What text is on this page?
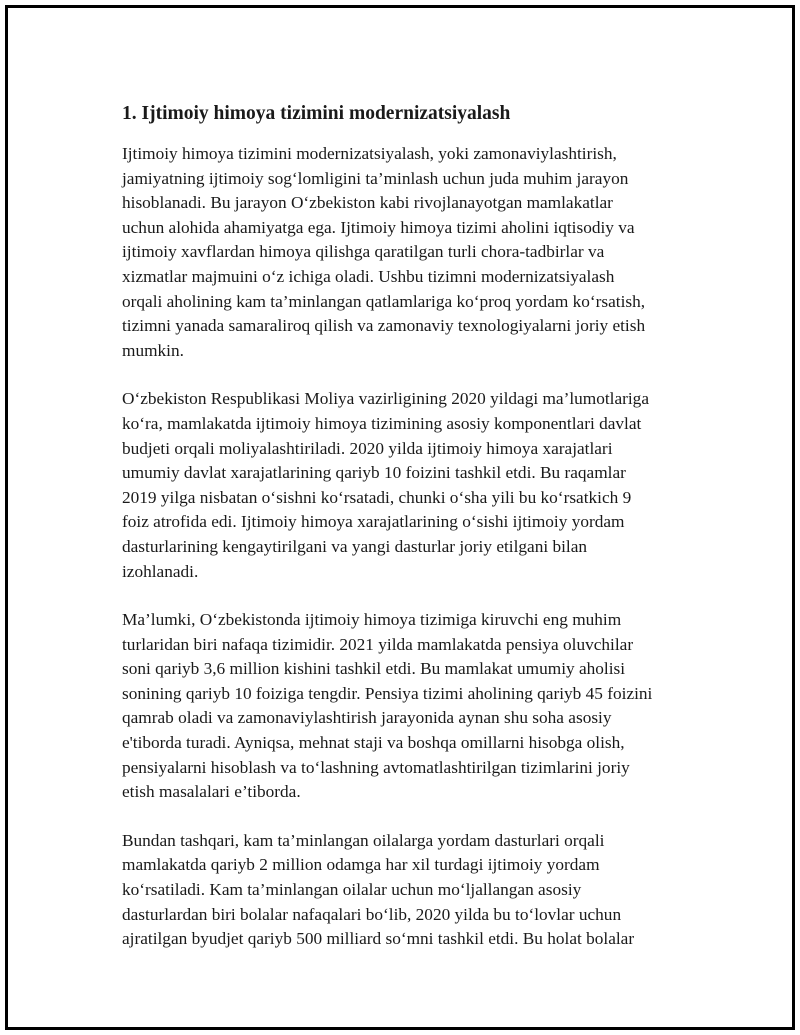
1. Ijtimoiy himoya tizimini modernizatsiyalash

Ijtimoiy himoya tizimini modernizatsiyalash, yoki zamonaviylashtirish,
jamiyatning ijtimoiy sog‘lomligini ta’minlash uchun juda muhim jarayon
hisoblanadi. Bu jarayon O‘zbekiston kabi rivojlanayotgan mamlakatlar
uchun alohida ahamiyatga ega. Ijtimoiy himoya tizimi aholini iqtisodiy va
ijtimoiy xavflardan himoya qilishga qaratilgan turli chora-tadbirlar va
xizmatlar majmuini o‘z ichiga oladi. Ushbu tizimni modernizatsiyalash
orqali aholining kam ta’minlangan qatlamlariga ko‘proq yordam ko‘rsatish,
tizimni yanada samaraliroq qilish va zamonaviy texnologiyalarni joriy etish
mumkin.

O‘zbekiston Respublikasi Moliya vazirligining 2020 yildagi ma’lumotlariga
ko‘ra, mamlakatda ijtimoiy himoya tizimining asosiy komponentlari davlat
budjeti orqali moliyalashtiriladi. 2020 yilda ijtimoiy himoya xarajatlari
umumiy davlat xarajatlarining qariyb 10 foizini tashkil etdi. Bu raqamlar
2019 yilga nisbatan o‘sishni ko‘rsatadi, chunki o‘sha yili bu ko‘rsatkich 9
foiz atrofida edi. Ijtimoiy himoya xarajatlarining o‘sishi ijtimoiy yordam
dasturlarining kengaytirilgani va yangi dasturlar joriy etilgani bilan
izohlanadi.

Ma’lumki, O‘zbekistonda ijtimoiy himoya tizimiga kiruvchi eng muhim
turlaridan biri nafaqa tizimidir. 2021 yilda mamlakatda pensiya oluvchilar
soni qariyb 3,6 million kishini tashkil etdi. Bu mamlakat umumiy aholisi
sonining qariyb 10 foiziga tengdir. Pensiya tizimi aholining qariyb 45 foizini
qamrab oladi va zamonaviylashtirish jarayonida aynan shu soha asosiy
e'tiborda turadi. Ayniqsa, mehnat staji va boshqa omillarni hisobga olish,
pensiyalarni hisoblash va to‘lashning avtomatlashtirilgan tizimlarini joriy
etish masalalari e’tiborda.

Bundan tashqari, kam ta’minlangan oilalarga yordam dasturlari orqali
mamlakatda qariyb 2 million odamga har xil turdagi ijtimoiy yordam
ko‘rsatiladi. Kam ta’minlangan oilalar uchun mo‘ljallangan asosiy
dasturlardan biri bolalar nafaqalari bo‘lib, 2020 yilda bu to‘lovlar uchun
ajratilgan byudjet qariyb 500 milliard so‘mni tashkil etdi. Bu holat bolalar
